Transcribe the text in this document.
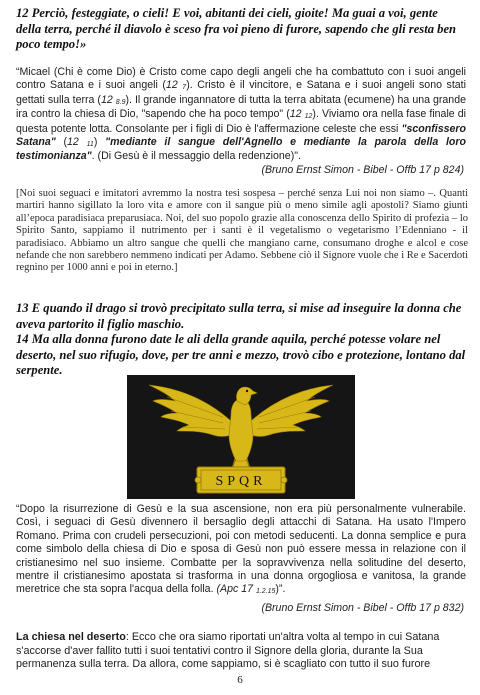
12 Perciò, festeggiate, o cieli! E voi, abitanti dei cieli, gioite! Ma guai a voi, gente della terra, perché il diavolo è sceso fra voi pieno di furore, sapendo che gli resta ben poco tempo!»
“Micael (Chi è come Dio) è Cristo come capo degli angeli che ha combattuto con i suoi angeli contro Satana e i suoi angeli (12 $_7$). Cristo è il vincitore, e Satana e i suoi angeli sono stati gettati sulla terra (12 $_{8.9}$). Il grande ingannatore di tutta la terra abitata (ecumene) ha una grande ira contro la chiesa di Dio, "sapendo che ha poco tempo" (12 $_{12}$). Viviamo ora nella fase finale di questa potente lotta. Consolante per i figli di Dio è l'affermazione celeste che essi "sconfissero Satana" (12 $_{11}$) "mediante il sangue dell'Agnello e mediante la parola della loro testimonianza". (Di Gesù è il messaggio della redenzione)".
(Bruno Ernst Simon - Bibel - Offb 17 p 824)
[Noi suoi seguaci e imitatori avremmo la nostra tesi sospesa – perché senza Lui noi non siamo –. Quanti martiri hanno sigillato la loro vita e amore con il sangue più o meno simile agli apostoli? Siamo giunti all’epoca paradisiaca preparusiaca. Noi, del suo popolo grazie alla conoscenza dello Spirito di profezia – lo Spirito Santo, sappiamo il nutrimento per i santi è il vegetalismo o vegetarismo l’Edenniano - il paradisiaco. Abbiamo un altro sangue che quelli che mangiano carne, consumano droghe e alcol e cose nefande che non sarebbero nemmeno indicati per Adamo. Sebbene ciò il Signore vuole che i Re e Sacerdoti regnino per 1000 anni e poi in eterno.]
13 E quando il drago si trovò precipitato sulla terra, si mise ad inseguire la donna che aveva partorito il figlio maschio.
14 Ma alla donna furono date le ali della grande aquila, perché potesse volare nel deserto, nel suo rifugio, dove, per tre anni e mezzo, trovò cibo e protezione, lontano dal serpente.
SPQR
“Dopo la risurrezione di Gesù e la sua ascensione, non era più personalmente vulnerabile. Così, i seguaci di Gesù divennero il bersaglio degli attacchi di Satana. Ha usato l'Impero Romano. Prima con crudeli persecuzioni, poi con metodi seducenti. La donna semplice e pura come simbolo della chiesa di Dio e sposa di Gesù non può essere messa in relazione con il cristianesimo nel suo insieme. Combatte per la sopravvivenza nella solitudine del deserto, mentre il cristianesimo apostata si trasforma in una donna orgogliosa e vanitosa, la grande meretrice che sta sopra l'acqua della folla. (Apc 17 $_{1.2.15}$)”.
(Bruno Ernst Simon - Bibel - Offb 17 p 832)
La chiesa nel deserto: Ecco che ora siamo riportati un'altra volta al tempo in cui Satana s'accorse d'aver fallito tutti i suoi tentativi contro il Signore della gloria, durante la Sua permanenza sulla terra. Da allora, come sappiamo, si è scagliato con tutto il suo furore
6
